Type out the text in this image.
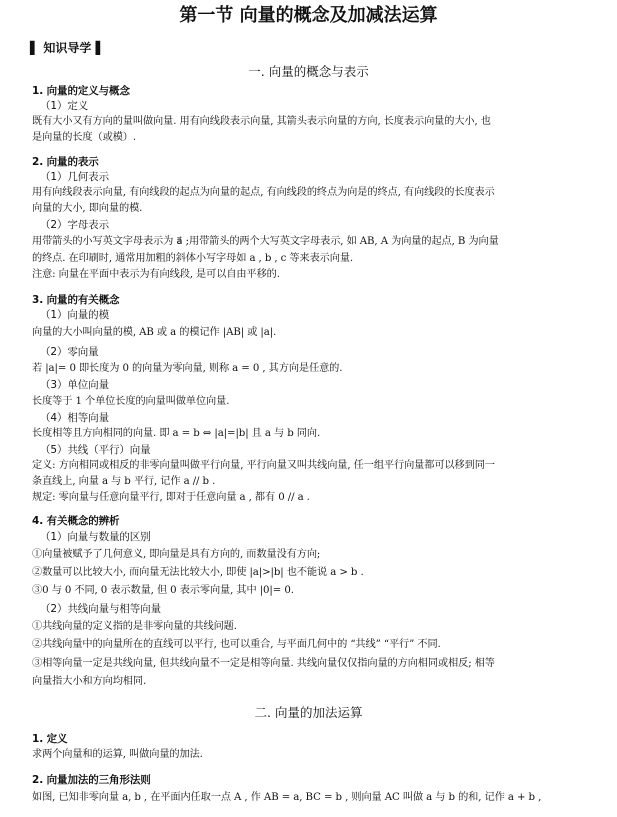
第一节 向量的概念及加减法运算
▌ 知识导学 ▌
一. 向量的概念与表示
1. 向量的定义与概念
（1）定义
既有大小又有方向的量叫做向量. 用有向线段表示向量, 其箭头表示向量的方向, 长度表示向量的大小, 也
是向量的长度（或模）.
2. 向量的表示
（1）几何表示
用有向线段表示向量, 有向线段的起点为向量的起点, 有向线段的终点为向是的终点, 有向线段的长度表示
向量的大小, 即向量的模.
（2）字母表示
用带箭头的小写英文字母表示为 a⃗ ;用带箭头的两个大写英文字母表示, 如 AB, A 为向量的起点, B 为向量
的终点. 在印刷时, 通常用加粗的斜体小写字母如 a , b , c 等来表示向量.
注意: 向量在平面中表示为有向线段, 是可以自由平移的.
3. 向量的有关概念
（1）向量的模
向量的大小叫向量的模, AB 或 a 的模记作 |AB| 或 |a|.
（2）零向量
若 |a|= 0 即长度为 0 的向量为零向量, 则称 a = 0 , 其方向是任意的.
（3）单位向量
长度等于 1 个单位长度的向量叫做单位向量.
（4）相等向量
长度相等且方向相同的向量. 即 a = b ⇔ |a|=|b| 且 a 与 b 同向.
（5）共线（平行）向量
定义: 方向相同或相反的非零向量叫做平行向量, 平行向量又叫共线向量, 任一组平行向量都可以移到同一
条直线上, 向量 a 与 b 平行, 记作 a // b .
规定: 零向量与任意向量平行, 即对于任意向量 a , 都有 0 // a .
4. 有关概念的辨析
（1）向量与数量的区别
①向量被赋予了几何意义, 即向量是具有方向的, 而数量没有方向;
②数量可以比较大小, 而向量无法比较大小, 即使 |a|>|b| 也不能说 a > b .
③0 与 0 不同, 0 表示数量, 但 0 表示零向量, 其中 |0|= 0.
（2）共线向量与相等向量
①共线向量的定义指的是非零向量的共线问题.
②共线向量中的向量所在的直线可以平行, 也可以重合, 与平面几何中的 “共线” “平行” 不同.
③相等向量一定是共线向量, 但共线向量不一定是相等向量. 共线向量仅仅指向量的方向相同或相反; 相等
向量指大小和方向均相同.
二. 向量的加法运算
1. 定义
求两个向量和的运算, 叫做向量的加法.
2. 向量加法的三角形法则
如图, 已知非零向量 a, b , 在平面内任取一点 A , 作 AB = a, BC = b , 则向量 AC 叫做 a 与 b 的和, 记作 a + b ,
